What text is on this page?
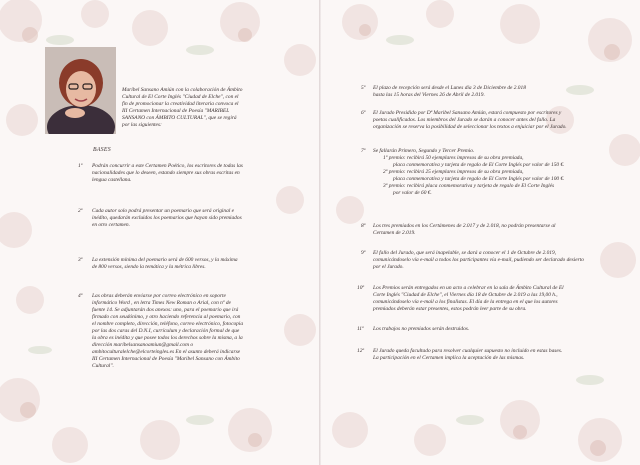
Maribel Sansano Amiún con la colaboración de Ámbito
Cultural de El Corte Inglés "Ciudad de Elche", con el
fin de promocionar la creatividad literaria convoca el
III Certamen Internacional de Poesía "MARIBEL
SANSANO con ÁMBITO CULTURAL", que se regirá
por las siguientes:
BASES
1º Podrán concurrir a este Certamen Poético, los escritores de todas las
nacionalidades que lo deseen, estando siempre sus obras escritas en
lengua castellana.
2º Cada autor solo podrá presentar un poemario que será original e
inédito, quedarán excluidos los poemarios que hayan sido premiados
en otro certamen.
3º La extensión mínima del poemario será de 600 versos, y la máxima
de 800 versos, siendo la temática y la métrica libres.
4º Las obras deberán enviarse por correo electrónico en soporte
informático Word , en letra Times New Roman o Arial, con nº de
fuente 14. Se adjuntarán dos anexos: uno, para el poemario que irá
firmado con seudónimo, y otro haciendo referencia al poemario, con
el nombre completo, dirección, teléfono, correo electrónico, fotocopia
por las dos caras del D.N.I, currículum y declaración formal de que
la obra es inédita y que posee todos los derechos sobre la misma, a la
dirección maribelsansanoamiun@gmail.com o
ambitoculturalelche@elcorteingles.es En el asunto deberá indicarse
III Certamen Internacional de Poesía "Maribel Sansano con Ámbito
Cultural".
5º El plazo de recepción será desde el Lunes día 3 de Diciembre de 2.018
hasta las 15 horas del Viernes 26 de Abril de 2.019.
6º El Jurado Presidido por Dª Maribel Sansano Amiún, estará compuesto por escritores y
poetas cualificados. Los miembros del Jurado se darán a conocer antes del fallo. La
organización se reserva la posibilidad de seleccionar los textos a enjuiciar por el Jurado.
7º Se fallarán Primero, Segundo y Tercer Premio.
1º premio: recibirá 50 ejemplares impresos de su obra premiada,
placa conmemorativa y tarjeta de regalo de El Corte Inglés por valor de 150 €.
2º premio: recibirá 25 ejemplares impresos de su obra premiada,
placa conmemorativa y tarjeta de regalo de El Corte Inglés por valor de 100 €.
3º premio: recibirá placa conmemorativa y tarjeta de regalo de El Corte Inglés
por valor de 60 €.
8º Los tres premiados en los Certámenes de 2.017 y de 2.018, no podrán presentarse al
Certamen de 2.019.
9º El fallo del Jurado, que será inapelable, se dará a conocer el 1 de Octubre de 2.019,
comunicándoselo vía e-mail a todos los participantes vía e-mail, pudiendo ser declarado desierto
por el Jurado.
10º Los Premios serán entregados en un acto a celebrar en la sala de Ámbito Cultural de El
Corte Inglés "Ciudad de Elche", el Viernes día 18 de Octubre de 2.019 a las 19,00 h.,
comunicándoselo vía e-mail a los finalistas. El día de la entrega en el que los autores
premiados deberán estar presentes, estos podrán leer parte de su obra.
11º Los trabajos no premiados serán destruidos.
12º El Jurado queda facultado para resolver cualquier supuesto no incluido en estas bases.
La participación en el Certamen implica la aceptación de las mismas.
